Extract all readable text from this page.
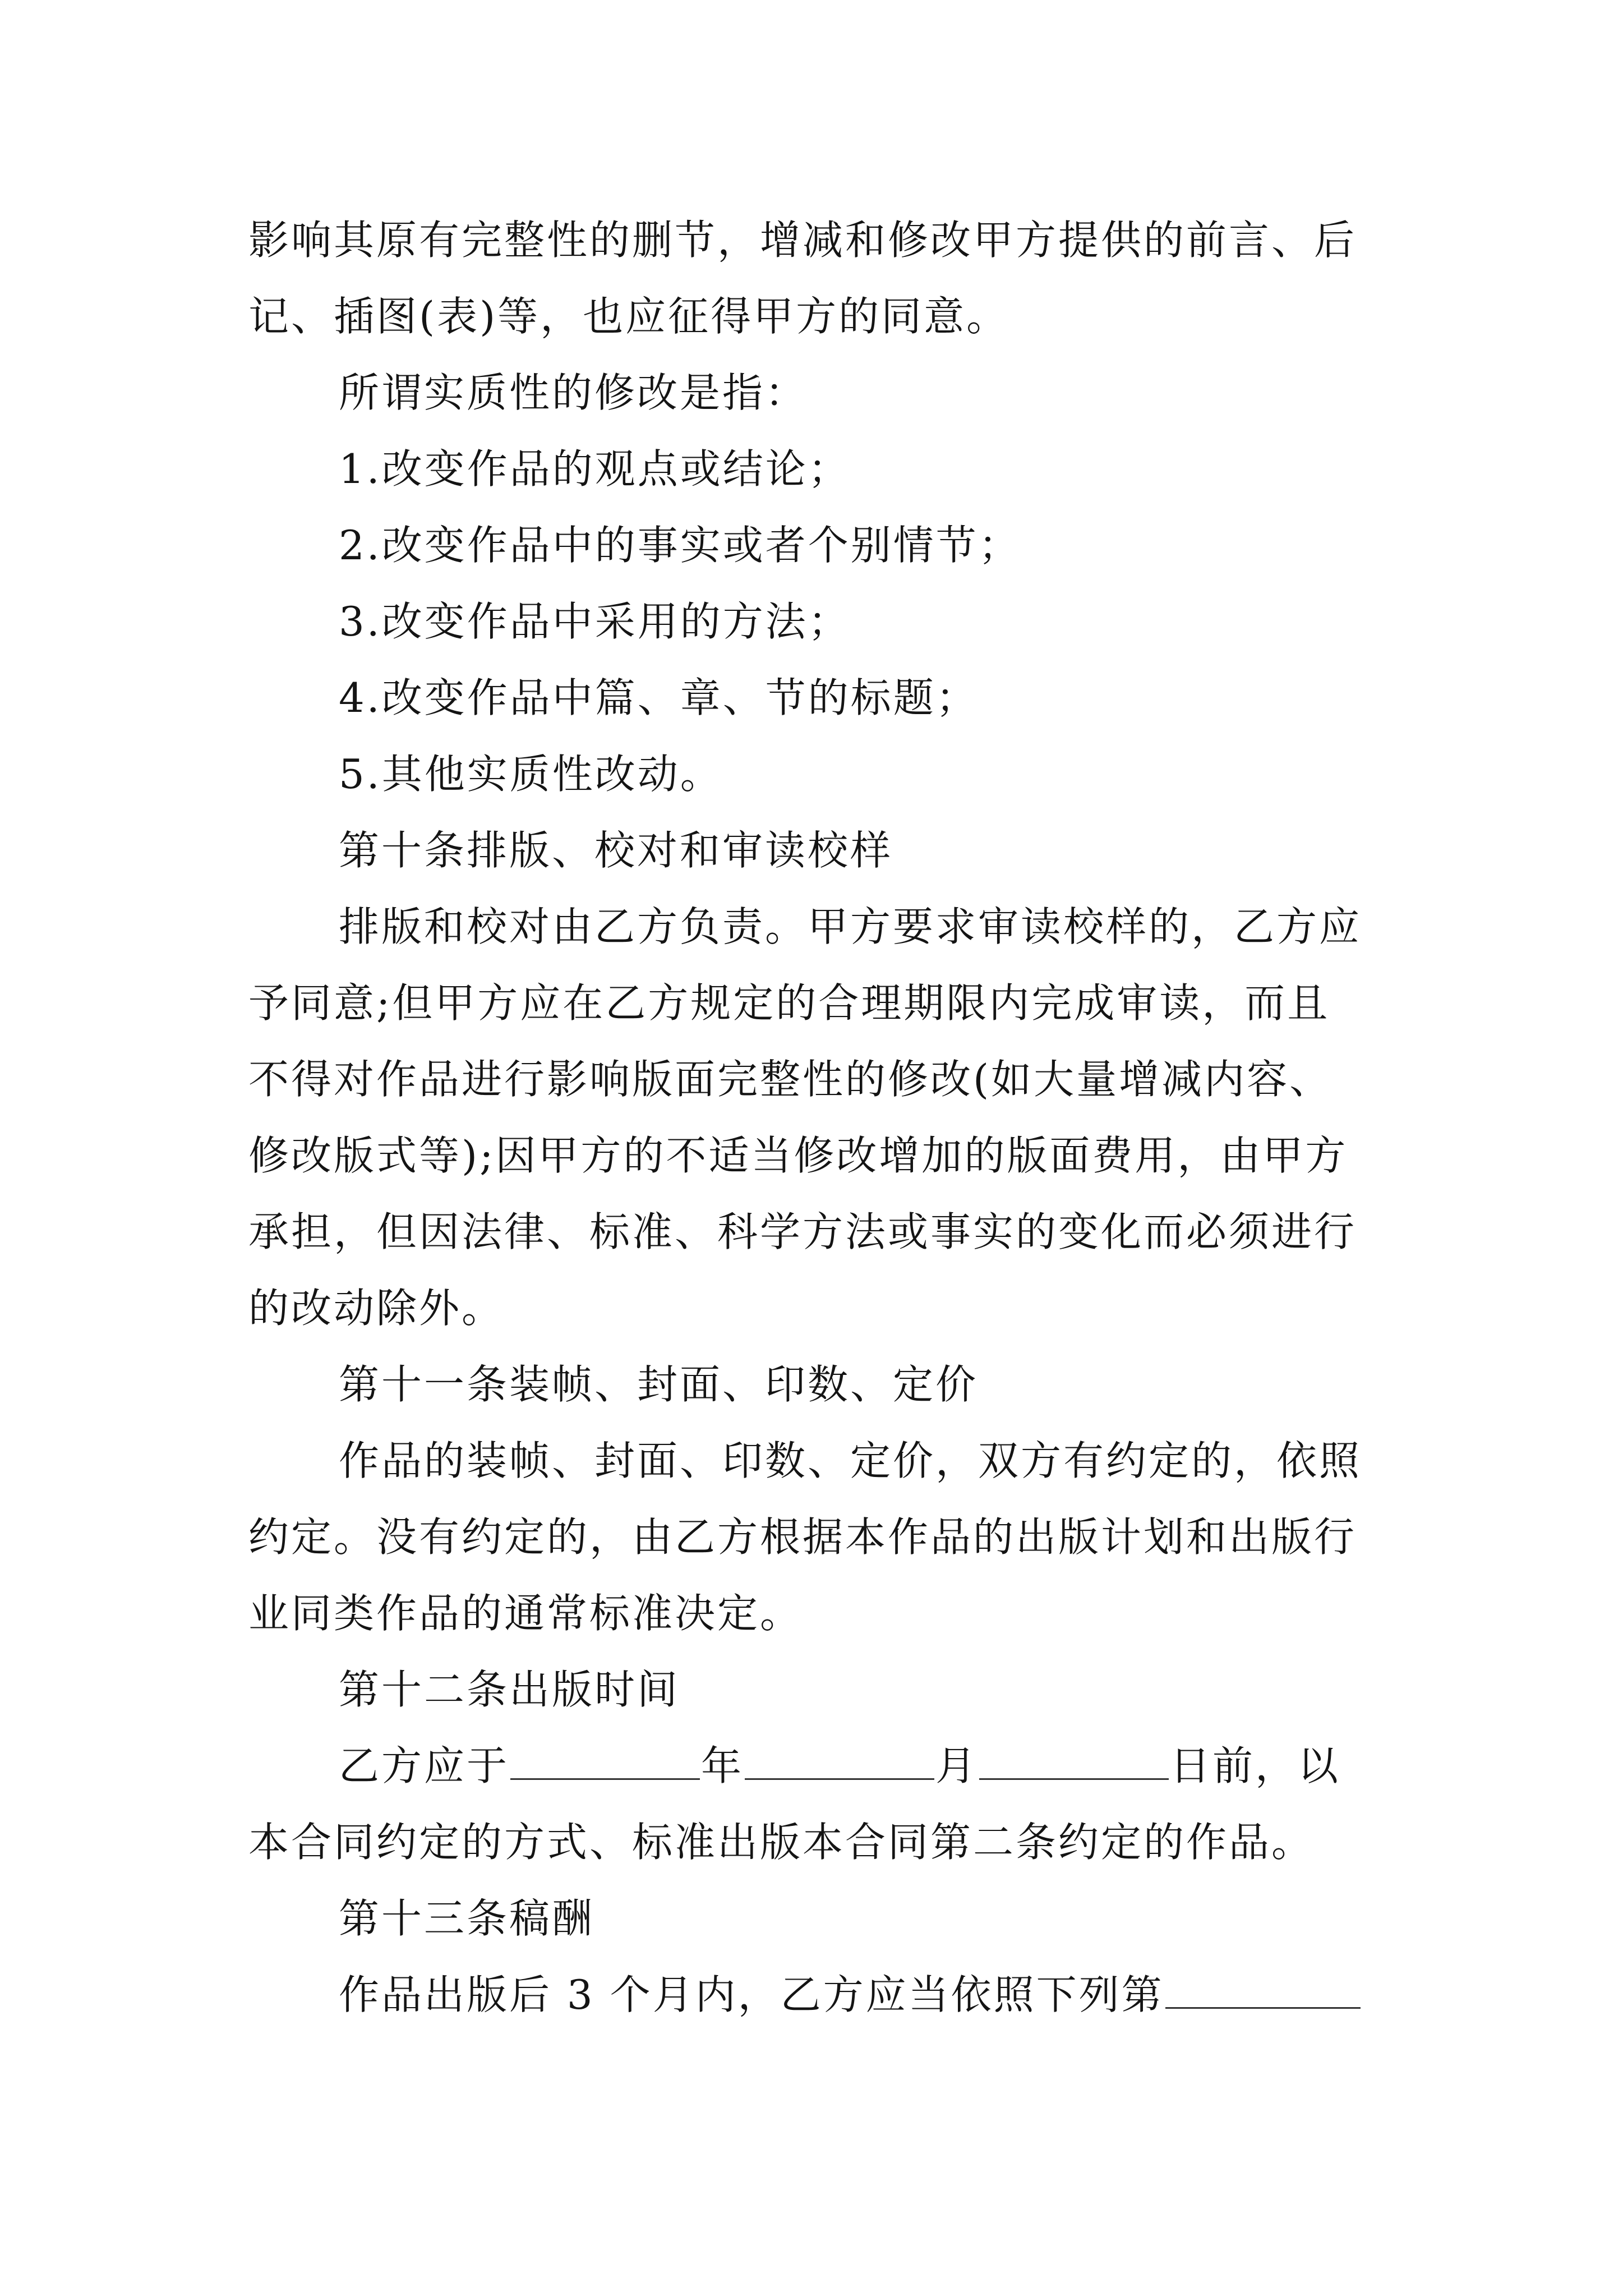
影响其原有完整性的删节，增减和修改甲方提供的前言、后
记、插图(表)等，也应征得甲方的同意。
所谓实质性的修改是指：
1.改变作品的观点或结论；
2.改变作品中的事实或者个别情节；
3.改变作品中采用的方法；
4.改变作品中篇、章、节的标题；
5.其他实质性改动。
第十条排版、校对和审读校样
排版和校对由乙方负责。甲方要求审读校样的，乙方应
予同意;但甲方应在乙方规定的合理期限内完成审读，而且
不得对作品进行影响版面完整性的修改(如大量增减内容、
修改版式等);因甲方的不适当修改增加的版面费用，由甲方
承担，但因法律、标准、科学方法或事实的变化而必须进行
的改动除外。
第十一条装帧、封面、印数、定价
作品的装帧、封面、印数、定价，双方有约定的，依照
约定。没有约定的，由乙方根据本作品的出版计划和出版行
业同类作品的通常标准决定。
第十二条出版时间
乙方应于	年	月	日前，以
本合同约定的方式、标准出版本合同第二条约定的作品。
第十三条稿酬
作品出版后 3 个月内，乙方应当依照下列第
